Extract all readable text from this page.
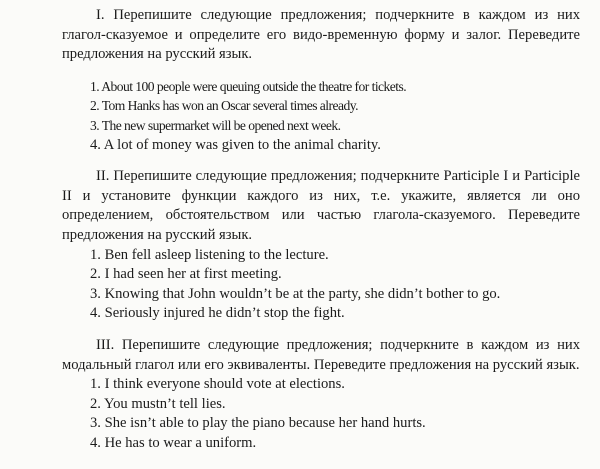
I. Перепишите следующие предложения; подчеркните в каждом из них глагол-сказуемое и определите его видо-временную форму и залог. Переведите предложения на русский язык.

1. About 100 people were queuing outside the theatre for tickets.
2. Tom Hanks has won an Oscar several times already.
3. The new supermarket will be opened next week.
4. A lot of money was given to the animal charity.

II. Перепишите следующие предложения; подчеркните Participle I и Participle II и установите функции каждого из них, т.е. укажите, является ли оно определением, обстоятельством или частью глагола-сказуемого. Переведите предложения на русский язык.

1. Ben fell asleep listening to the lecture.
2. I had seen her at first meeting.
3. Knowing that John wouldn’t be at the party, she didn’t bother to go.
4. Seriously injured he didn’t stop the fight.

III. Перепишите следующие предложения; подчеркните в каждом из них модальный глагол или его эквиваленты. Переведите предложения на русский язык.

1. I think everyone should vote at elections.
2. You mustn’t tell lies.
3. She isn’t able to play the piano because her hand hurts.
4. He has to wear a uniform.
